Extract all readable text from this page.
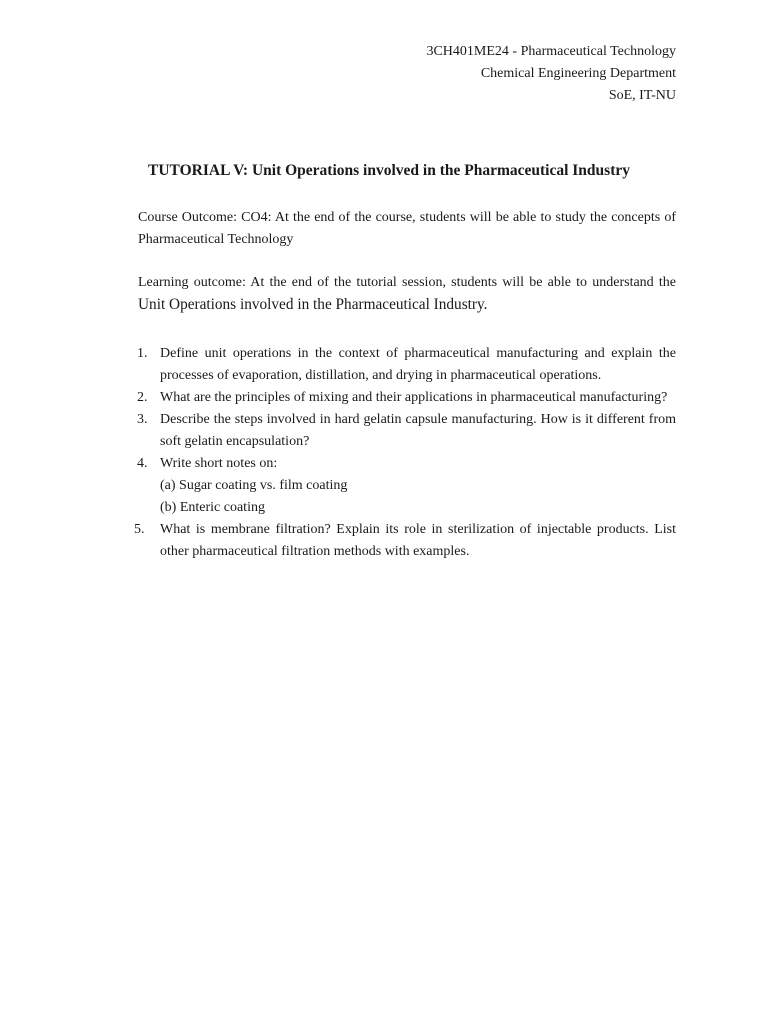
3CH401ME24 - Pharmaceutical Technology
Chemical Engineering Department
SoE, IT-NU
TUTORIAL V: Unit Operations involved in the Pharmaceutical Industry
Course Outcome: CO4: At the end of the course, students will be able to study the concepts of Pharmaceutical Technology
Learning outcome: At the end of the tutorial session, students will be able to understand the Unit Operations involved in the Pharmaceutical Industry.
1. Define unit operations in the context of pharmaceutical manufacturing and explain the processes of evaporation, distillation, and drying in pharmaceutical operations.
2. What are the principles of mixing and their applications in pharmaceutical manufacturing?
3. Describe the steps involved in hard gelatin capsule manufacturing. How is it different from soft gelatin encapsulation?
4. Write short notes on:
(a) Sugar coating vs. film coating
(b) Enteric coating
5. What is membrane filtration? Explain its role in sterilization of injectable products. List other pharmaceutical filtration methods with examples.
